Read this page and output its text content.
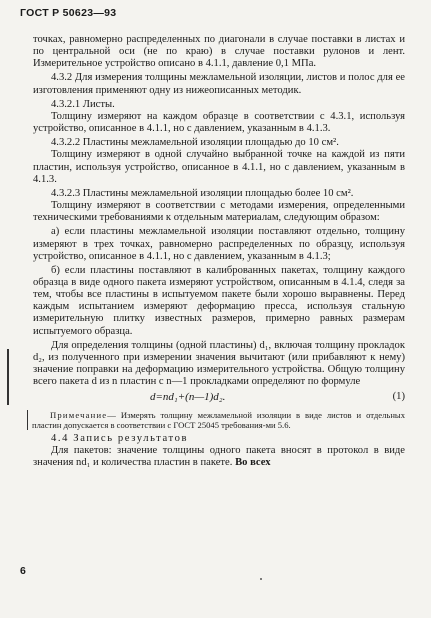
ГОСТ Р 50623—93

точках, равномерно распределенных по диагонали в случае поставки в листах и по центральной оси (не по краю) в случае поставки рулонов и лент. Измерительное устройство описано в 4.1.1, давление 0,1 МПа.

4.3.2 Для измерения толщины межламельной изоляции, листов и полос для ее изготовления применяют одну из нижеописанных методик.

4.3.2.1 Листы.

Толщину измеряют на каждом образце в соответствии с 4.3.1, используя устройство, описанное в 4.1.1, но с давлением, указанным в 4.1.3.

4.3.2.2 Пластины межламельной изоляции площадью до 10 см².

Толщину измеряют в одной случайно выбранной точке на каждой из пяти пластин, используя устройство, описанное в 4.1.1, но с давлением, указанным в 4.1.3.

4.3.2.3 Пластины межламельной изоляции площадью более 10 см².

Толщину измеряют в соответствии с методами измерения, определенными техническими требованиями к отдельным материалам, следующим образом:

а) если пластины межламельной изоляции поставляют отдельно, толщину измеряют в трех точках, равномерно распределенных по образцу, используя устройство, описанное в 4.1.1, но с давлением, указанным в 4.1.3;

б) если пластины поставляют в калиброванных пакетах, толщину каждого образца в виде одного пакета измеряют устройством, описанным в 4.1.4, следя за тем, чтобы все пластины в испытуемом пакете были хорошо выравнены. Перед каждым испытанием измеряют деформацию пресса, используя стальную измерительную плитку известных размеров, примерно равных размерам испытуемого образца.

Для определения толщины (одной пластины) d₁, включая толщину прокладок d₂, из полученного при измерении значения вычитают (или прибавляют к нему) значение поправки на деформацию измерительного устройства. Общую толщину всего пакета d из n пластин с n—1 прокладками определяют по формуле

d=nd₁+(n—1)d₂.	(1)

Примечание— Измерять толщину межламельной изоляции в виде листов и отдельных пластин допускается в соответствии с ГОСТ 25045 требования-ми 5.6.

4.4 Запись результатов

Для пакетов: значение толщины одного пакета вносят в протокол в виде значения nd₁ и количества пластин в пакете. Во всех

6
